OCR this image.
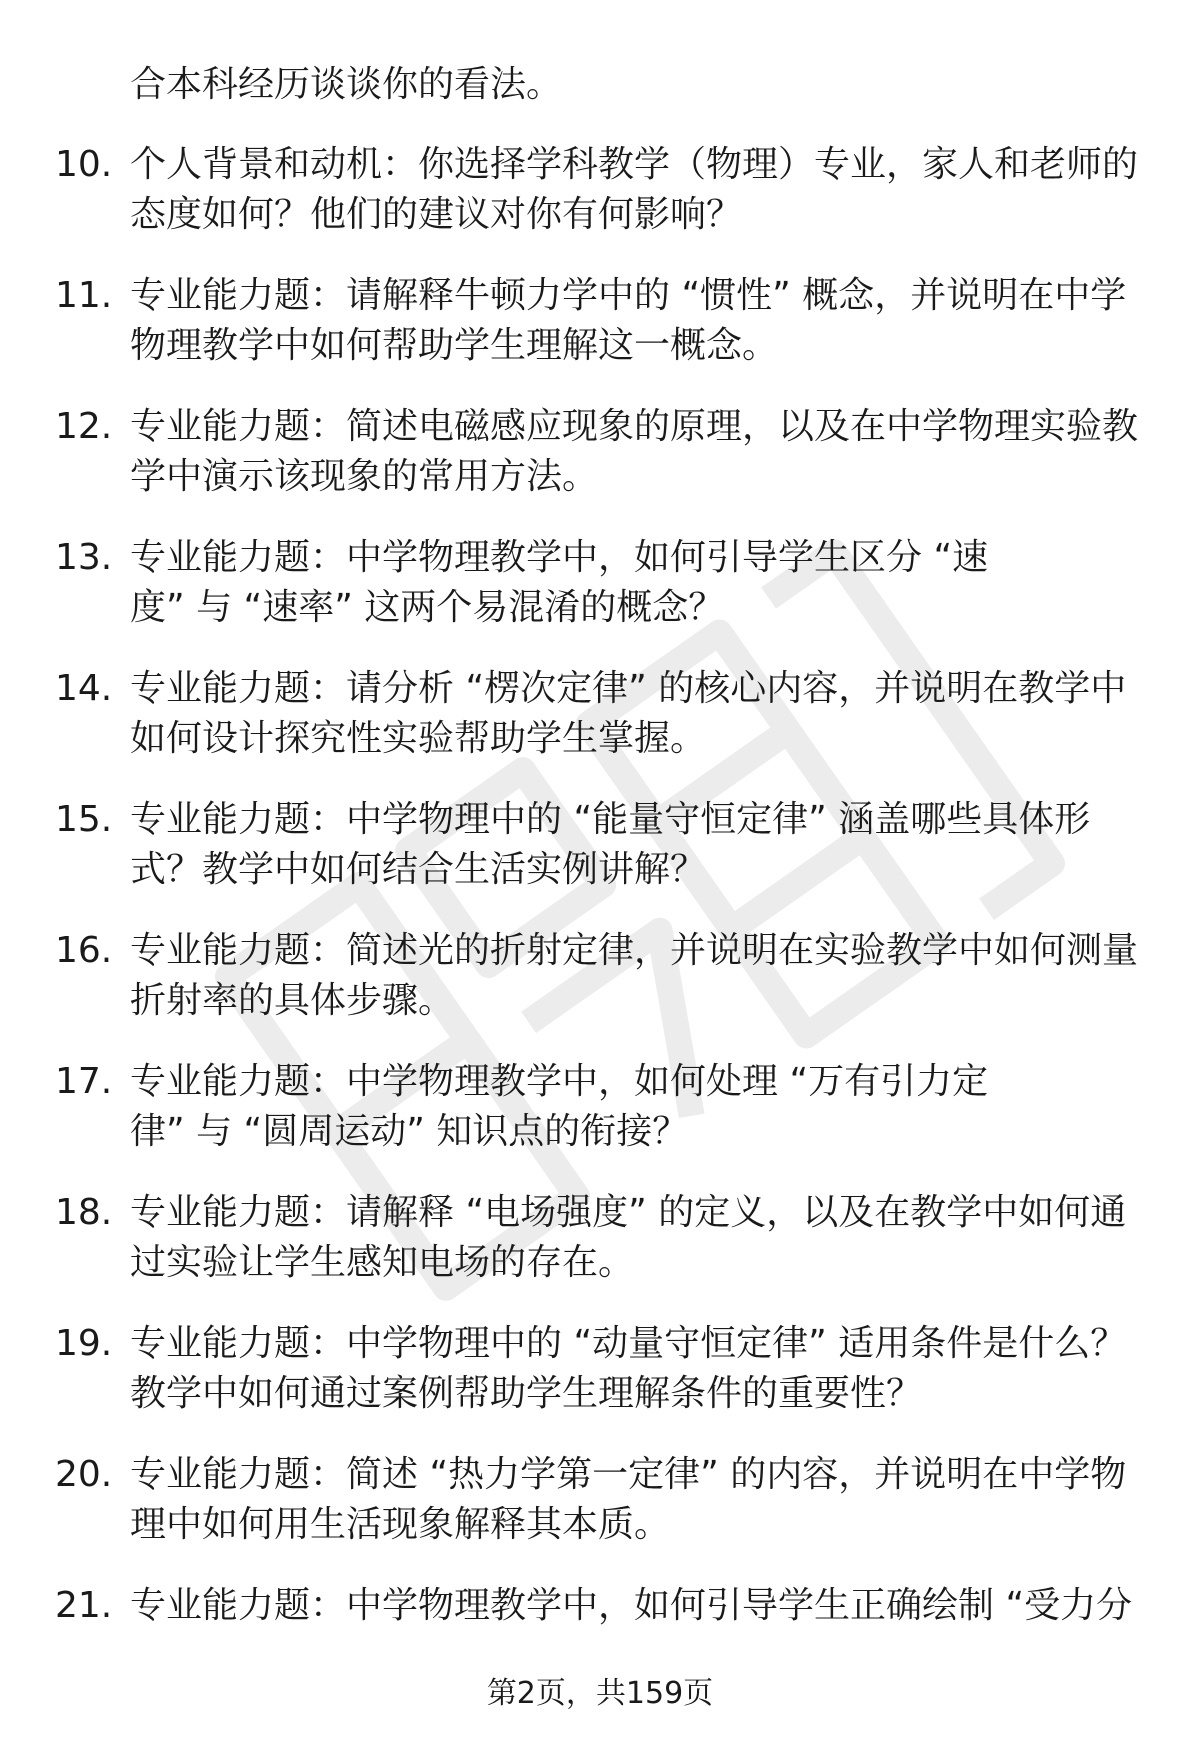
合本科经历谈谈你的看法。
10. 个人背景和动机：你选择学科教学（物理）专业，家人和老师的
态度如何？他们的建议对你有何影响？
11. 专业能力题：请解释牛顿力学中的 “惯性” 概念，并说明在中学
物理教学中如何帮助学生理解这一概念。
12. 专业能力题：简述电磁感应现象的原理，以及在中学物理实验教
学中演示该现象的常用方法。
13. 专业能力题：中学物理教学中，如何引导学生区分 “速
度” 与 “速率” 这两个易混淆的概念？
14. 专业能力题：请分析 “楞次定律” 的核心内容，并说明在教学中
如何设计探究性实验帮助学生掌握。
15. 专业能力题：中学物理中的 “能量守恒定律” 涵盖哪些具体形
式？教学中如何结合生活实例讲解？
16. 专业能力题：简述光的折射定律，并说明在实验教学中如何测量
折射率的具体步骤。
17. 专业能力题：中学物理教学中，如何处理 “万有引力定
律” 与 “圆周运动” 知识点的衔接？
18. 专业能力题：请解释 “电场强度” 的定义，以及在教学中如何通
过实验让学生感知电场的存在。
19. 专业能力题：中学物理中的 “动量守恒定律” 适用条件是什么？
教学中如何通过案例帮助学生理解条件的重要性？
20. 专业能力题：简述 “热力学第一定律” 的内容，并说明在中学物
理中如何用生活现象解释其本质。
21. 专业能力题：中学物理教学中，如何引导学生正确绘制 “受力分
第2页，共159页
